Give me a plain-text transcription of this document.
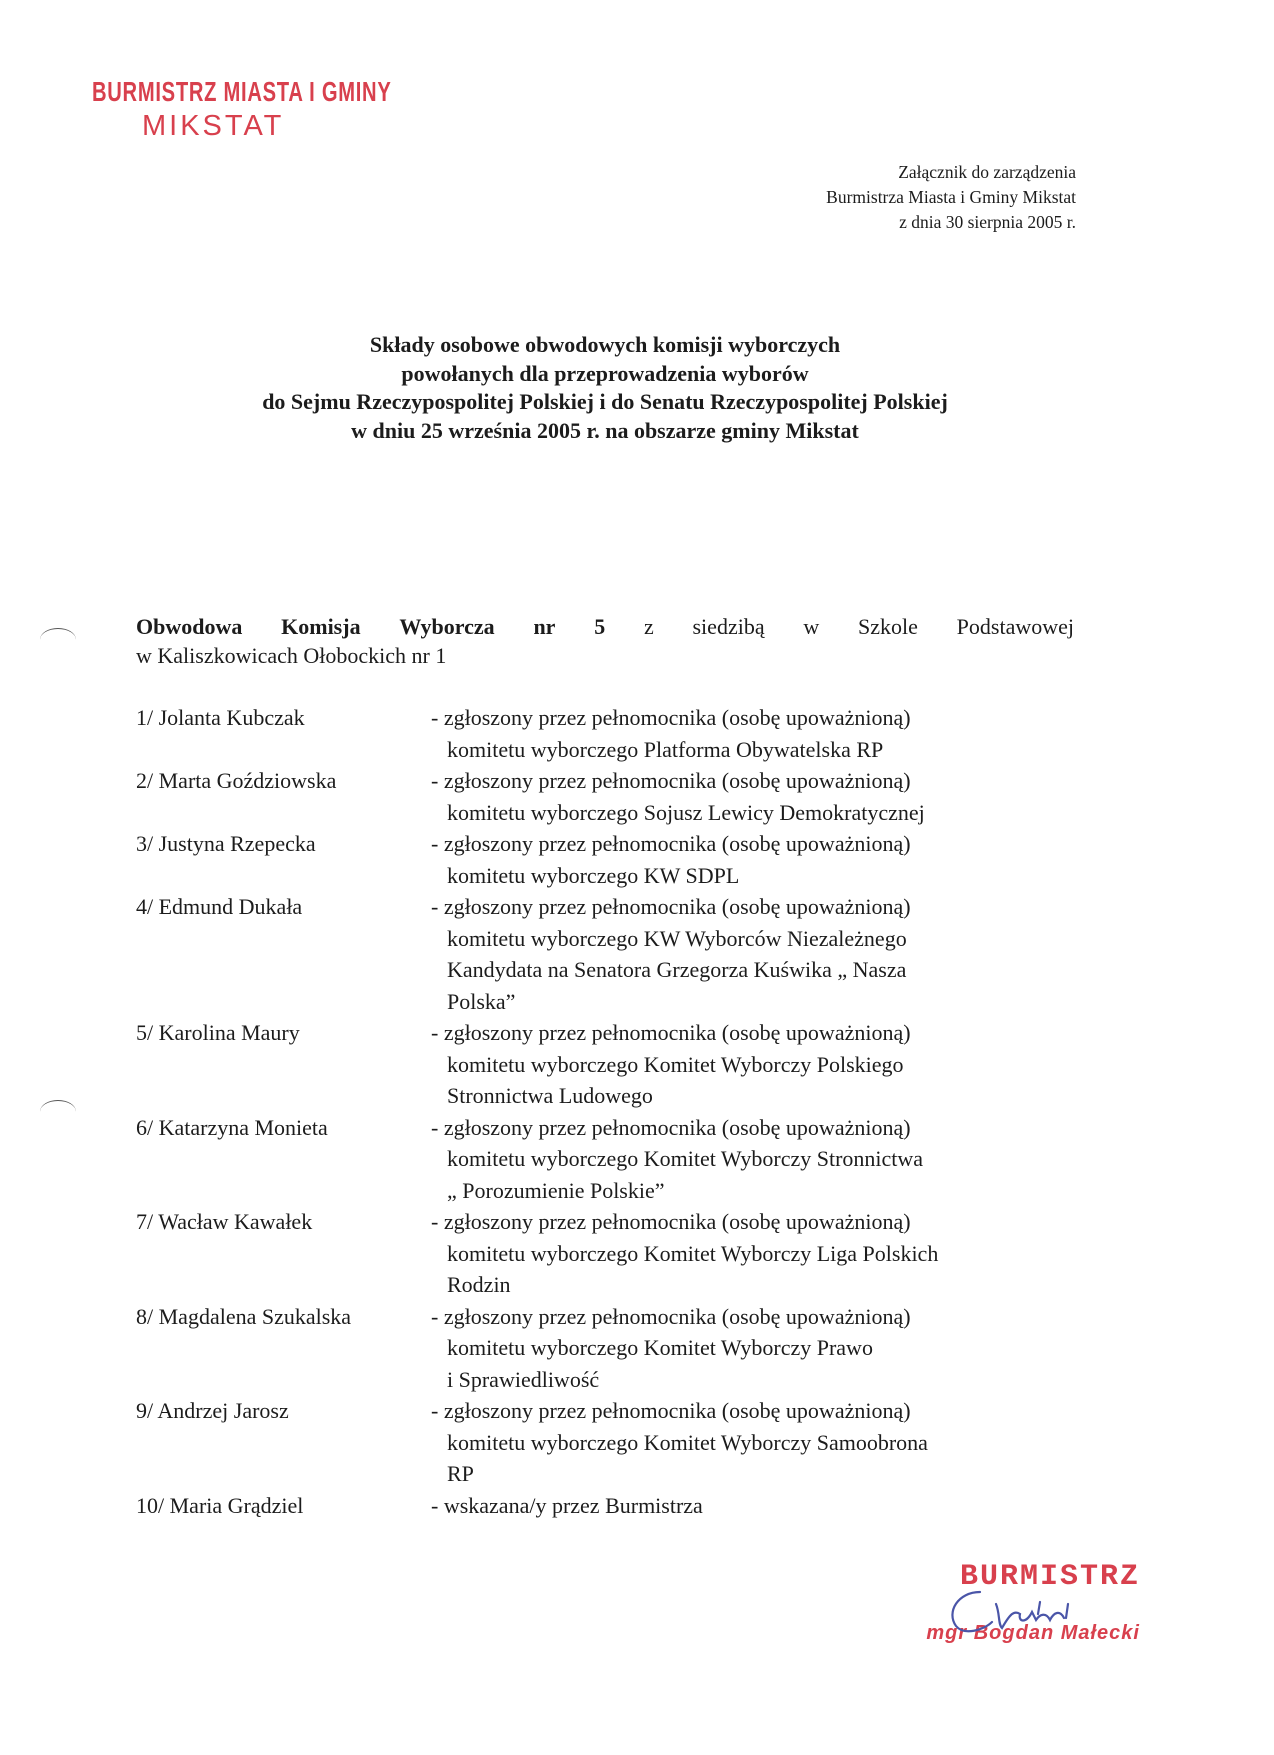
BURMISTRZ MIASTA I GMINY
MIKSTAT
Załącznik do zarządzenia
Burmistrza Miasta i Gminy Mikstat
z dnia 30 sierpnia 2005 r.
Składy osobowe obwodowych komisji wyborczych
powołanych dla przeprowadzenia wyborów
do Sejmu Rzeczypospolitej Polskiej i do Senatu Rzeczypospolitej Polskiej
w dniu 25 września 2005 r. na obszarze gminy Mikstat
Obwodowa Komisja Wyborcza nr 5 z siedzibą w Szkole Podstawowej
w Kaliszkowicach Ołobockich nr 1
1/ Jolanta Kubczak	- zgłoszony przez pełnomocnika (osobę upoważnioną)
komitetu wyborczego Platforma Obywatelska RP
2/ Marta Goździowska	- zgłoszony przez pełnomocnika (osobę upoważnioną)
komitetu wyborczego Sojusz Lewicy Demokratycznej
3/ Justyna Rzepecka	- zgłoszony przez pełnomocnika (osobę upoważnioną)
komitetu wyborczego KW SDPL
4/ Edmund Dukała	- zgłoszony przez pełnomocnika (osobę upoważnioną)
komitetu wyborczego KW Wyborców Niezależnego
Kandydata na Senatora Grzegorza Kuświka „ Nasza
Polska”
5/ Karolina Maury	- zgłoszony przez pełnomocnika (osobę upoważnioną)
komitetu wyborczego Komitet Wyborczy Polskiego
Stronnictwa Ludowego
6/ Katarzyna Monieta	- zgłoszony przez pełnomocnika (osobę upoważnioną)
komitetu wyborczego Komitet Wyborczy Stronnictwa
„ Porozumienie Polskie”
7/ Wacław Kawałek	- zgłoszony przez pełnomocnika (osobę upoważnioną)
komitetu wyborczego Komitet Wyborczy Liga Polskich
Rodzin
8/ Magdalena Szukalska	- zgłoszony przez pełnomocnika (osobę upoważnioną)
komitetu wyborczego Komitet Wyborczy Prawo
i Sprawiedliwość
9/ Andrzej Jarosz	- zgłoszony przez pełnomocnika (osobę upoważnioną)
komitetu wyborczego Komitet Wyborczy Samoobrona
RP
10/ Maria Grądziel	- wskazana/y przez Burmistrza
BURMISTRZ
mgr Bogdan Małecki
